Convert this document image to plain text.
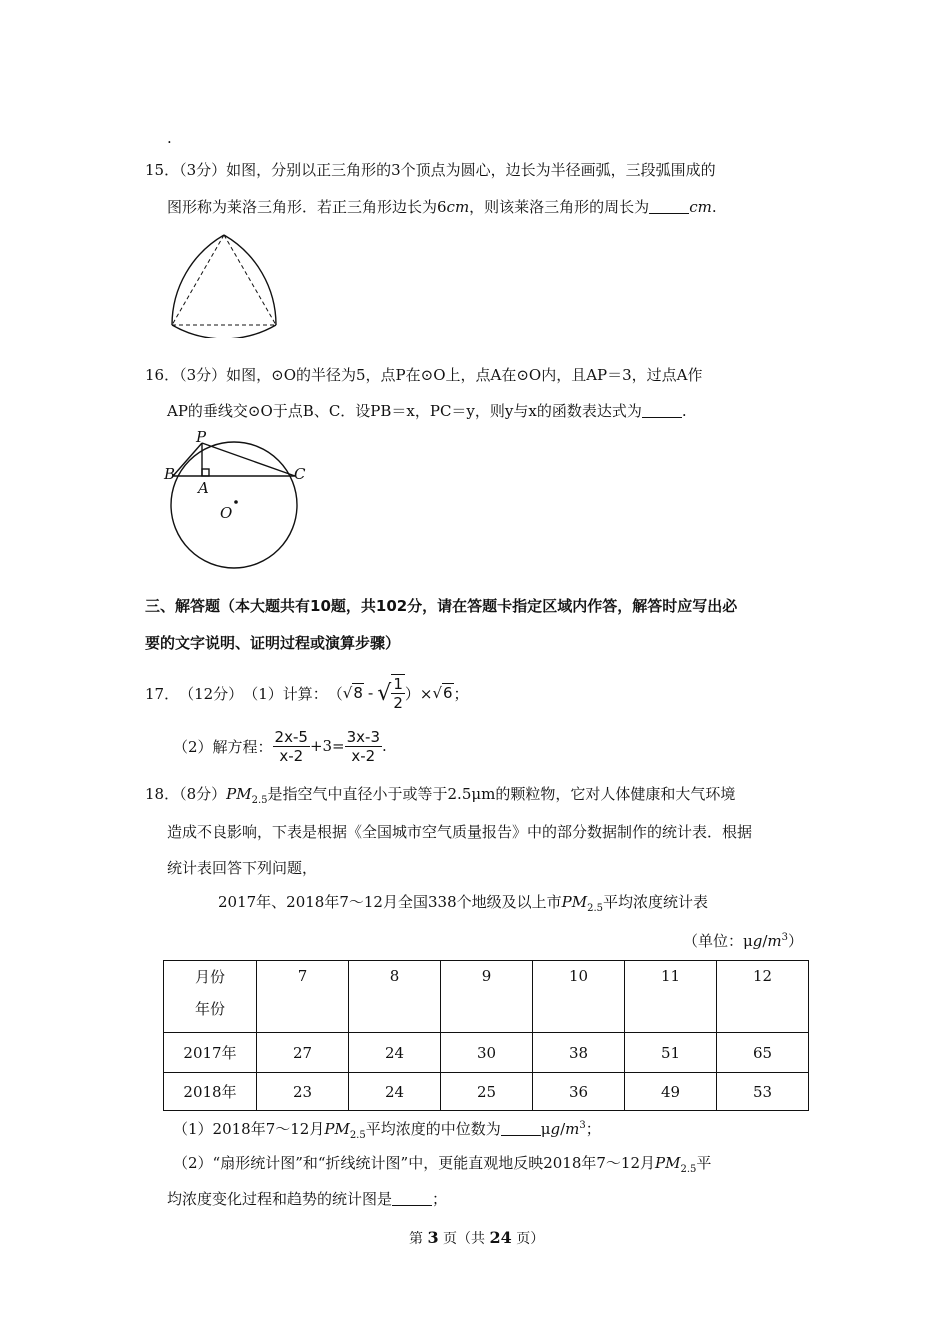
.
15．（3分）如图，分别以正三角形的3个顶点为圆心，边长为半径画弧，三段弧围成的
图形称为莱洛三角形．若正三角形边长为6cm，则该莱洛三角形的周长为	cm.
16．（3分）如图，⊙O的半径为5，点P在⊙O上，点A在⊙O内，且AP＝3，过点A作
AP的垂线交⊙O于点B、C．设PB＝x，PC＝y，则y与x的函数表达式为	.
P
B
A
C
O
三、解答题（本大题共有10题，共102分，请在答题卡指定区域内作答，解答时应写出必
要的文字说明、证明过程或演算步骤）
17． （12分） （1）计算： （ √8 - √ $\frac{1}{2}$ ）× √6 ；
（2）解方程： $\frac{2x-5}{x-2} +3= \frac{3x-3}{x-2}$ .
18．（8分）$PM_{2.5}$是指空气中直径小于或等于2.5μm的颗粒物，它对人体健康和大气环境
造成不良影响，下表是根据《全国城市空气质量报告》中的部分数据制作的统计表．根据
统计表回答下列问题，
2017年、2018年7～12月全国338个地级及以上市$PM_{2.5}$平均浓度统计表
（单位：$\mu g/m^3$）
月份
年份	7	8	9	10	11	12

2017年	27	24	30	38	51	65
2018年	23	24	25	36	49	53
（1）2018年7～12月$PM_{2.5}$平均浓度的中位数为	$\mu g/m^3$；
（2）“扇形统计图”和“折线统计图”中，更能直观地反映2018年7～12月$PM_{2.5}$平
均浓度变化过程和趋势的统计图是	；
第 3 页（共 24 页）
